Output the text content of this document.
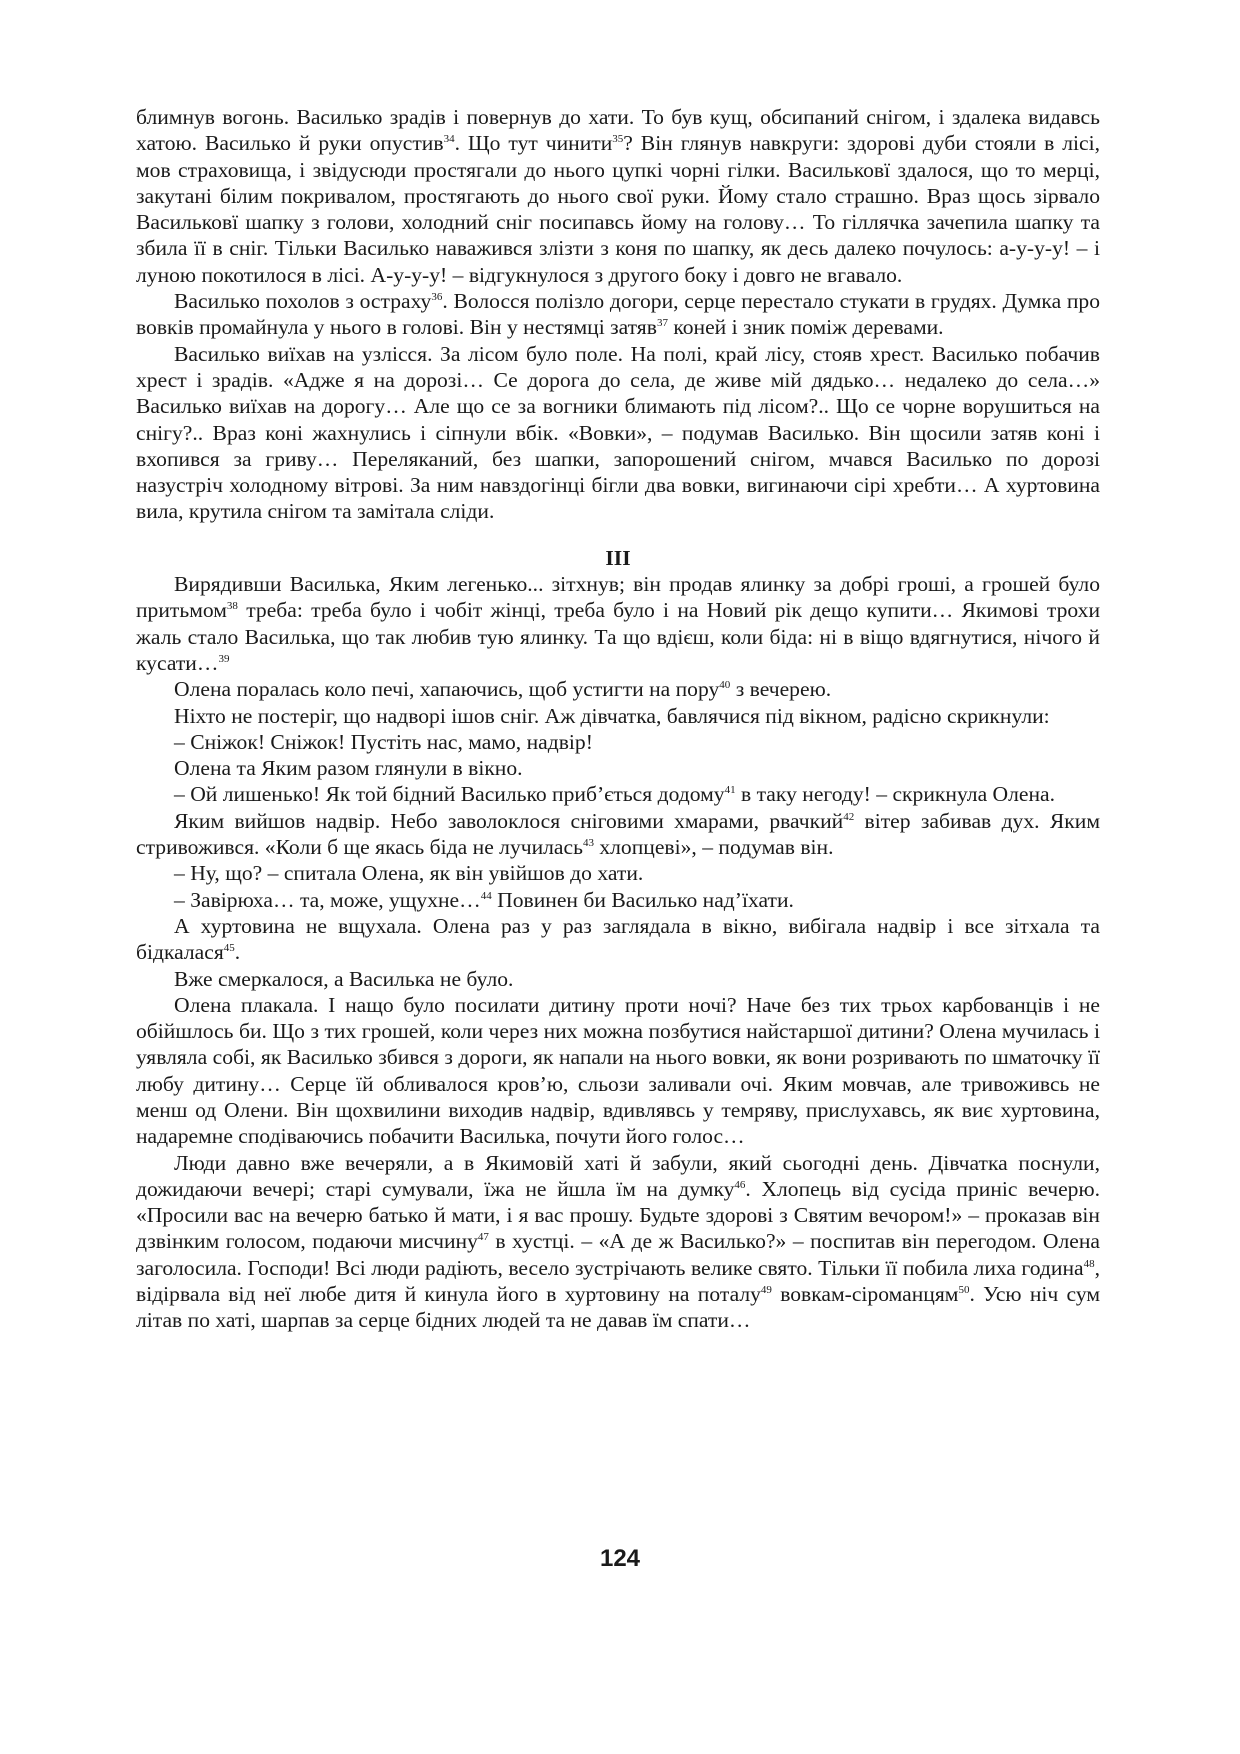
блимнув вогонь. Василько зрадів і повернув до хати. То був кущ, обсипаний снігом, і здалека видавсь хатою. Василько й руки опустив$^{34}$. Що тут чинити$^{35}$? Він глянув навкруги: здорові дуби стояли в лісі, мов страховища, і звідусюди простягали до нього цупкі чорні гілки. Васильковї здалося, що то мерці, закутані білим покривалом, простягають до нього свої руки. Йому стало страшно. Враз щось зірвало Васильковї шапку з голови, холодний сніг посипавсь йому на голову… То гіллячка зачепила шапку та збила її в сніг. Тільки Василько наважився злізти з коня по шапку, як десь далеко почулось: а-у-у-у! – і луною покотилося в лісі. А-у-у-у! – відгукнулося з другого боку і довго не вгавало.

Василько похолов з остраху$^{36}$. Волосся полізло догори, серце перестало стукати в грудях. Думка про вовків промайнула у нього в голові. Він у нестямці затяв$^{37}$ коней і зник поміж деревами.

Василько виїхав на узлісся. За лісом було поле. На полі, край лісу, стояв хрест. Василько побачив хрест і зрадів. «Адже я на дорозі… Се дорога до села, де живе мій дядько… недалеко до села…» Василько виїхав на дорогу… Але що се за вогники блимають під лісом?.. Що се чорне ворушиться на снігу?.. Враз коні жахнулись і сіпнули вбік. «Вовки», – подумав Василько. Він щосили затяв коні і вхопився за гриву… Переляканий, без шапки, запорошений снігом, мчався Василько по дорозі назустріч холодному вітрові. За ним навздогінці бігли два вовки, вигинаючи сірі хребти… А хуртовина вила, крутила снігом та замітала сліди.

ІІІ

Вирядивши Василька, Яким легенько... зітхнув; він продав ялинку за добрі гроші, а грошей було притьмом$^{38}$ треба: треба було і чобіт жінці, треба було і на Новий рік дещо купити… Якимові трохи жаль стало Василька, що так любив тую ялинку. Та що вдієш, коли біда: ні в віщо вдягнутися, нічого й кусати…$^{39}$

Олена поралась коло печі, хапаючись, щоб устигти на пору$^{40}$ з вечерею.

Ніхто не постеріг, що надворі ішов сніг. Аж дівчатка, бавлячися під вікном, радісно скрикнули:

– Сніжок! Сніжок! Пустіть нас, мамо, надвір!

Олена та Яким разом глянули в вікно.

– Ой лишенько! Як той бідний Василько приб’ється додому$^{41}$ в таку негоду! – скрикнула Олена.

Яким вийшов надвір. Небо заволоклося сніговими хмарами, рвачкий$^{42}$ вітер забивав дух. Яким стривожився. «Коли б ще якась біда не лучилась$^{43}$ хлопцеві», – подумав він.

– Ну, що? – спитала Олена, як він увійшов до хати.

– Завірюха… та, може, ущухне…$^{44}$ Повинен би Василько над’їхати.

А хуртовина не вщухала. Олена раз у раз заглядала в вікно, вибігала надвір і все зітхала та бідкалася$^{45}$.

Вже смеркалося, а Василька не було.

Олена плакала. І нащо було посилати дитину проти ночі? Наче без тих трьох карбованців і не обійшлось би. Що з тих грошей, коли через них можна позбутися найстаршої дитини? Олена мучилась і уявляла собі, як Василько збився з дороги, як напали на нього вовки, як вони розривають по шматочку її любу дитину… Серце їй обливалося кров’ю, сльози заливали очі. Яким мовчав, але тривоживсь не менш од Олени. Він щохвилини виходив надвір, вдивлявсь у темряву, прислухавсь, як виє хуртовина, надаремне сподіваючись побачити Василька, почути його голос…

Люди давно вже вечеряли, а в Якимовій хаті й забули, який сьогодні день. Дівчатка поснули, дожидаючи вечері; старі сумували, їжа не йшла їм на думку$^{46}$. Хлопець від сусіда приніс вечерю. «Просили вас на вечерю батько й мати, і я вас прошу. Будьте здорові з Святим вечором!» – проказав він дзвінким голосом, подаючи мисчину$^{47}$ в хустці. – «А де ж Василько?» – поспитав він перегодом. Олена заголосила. Господи! Всі люди радіють, весело зустрічають велике свято. Тільки її побила лиха година$^{48}$, відірвала від неї любе дитя й кинула його в хуртовину на поталу$^{49}$ вовкам-сіроманцям$^{50}$. Усю ніч сум літав по хаті, шарпав за серце бідних людей та не давав їм спати…

124
